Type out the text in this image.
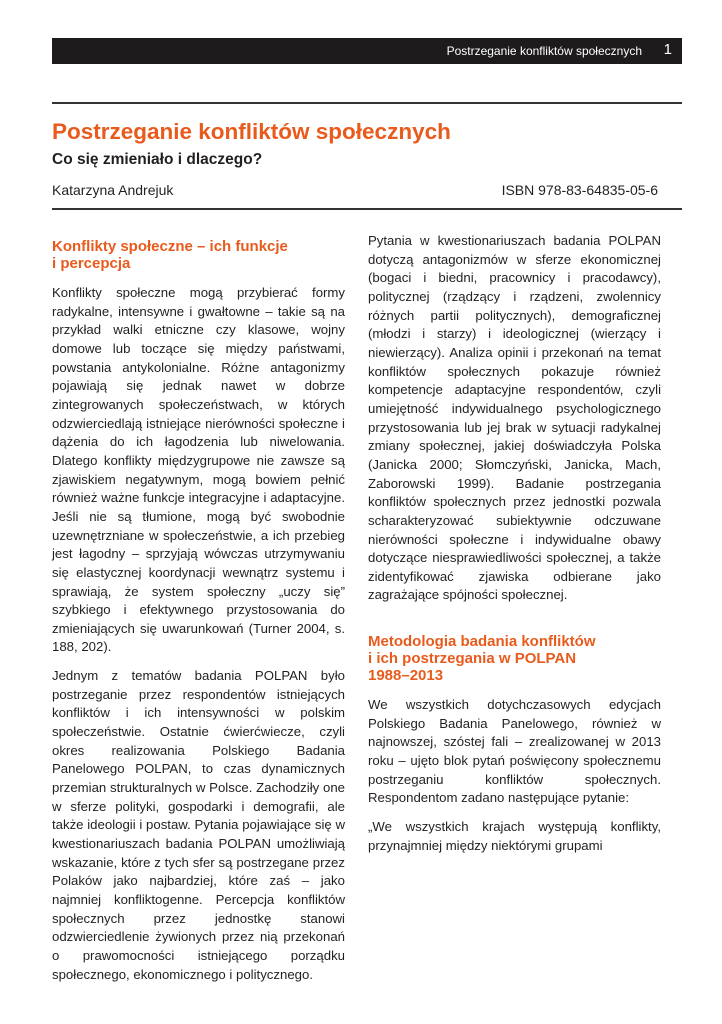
Postrzeganie konfliktów społecznych 1
Postrzeganie konfliktów społecznych
Co się zmieniało i dlaczego?
Katarzyna Andrejuk	ISBN 978-83-64835-05-6
Konflikty społeczne – ich funkcje
i percepcja

Konflikty społeczne mogą przybierać formy radykalne, intensywne i gwałtowne – takie są na przykład walki etniczne czy klasowe, wojny domowe lub toczące się między państwami, powstania antykolonialne. Różne antagonizmy pojawiają się jednak nawet w dobrze zintegrowanych społeczeństwach, w których odzwierciedlają istniejące nierówności społeczne i dążenia do ich łagodzenia lub niwelowania. Dlatego konflikty międzygrupowe nie zawsze są zjawiskiem negatywnym, mogą bowiem pełnić również ważne funkcje integracyjne i adaptacyjne. Jeśli nie są tłumione, mogą być swobodnie uzewnętrzniane w społeczeństwie, a ich przebieg jest łagodny – sprzyjają wówczas utrzymywaniu się elastycznej koordynacji wewnątrz systemu i sprawiają, że system społeczny „uczy się” szybkiego i efektywnego przystosowania do zmieniających się uwarunkowań (Turner 2004, s. 188, 202).

Jednym z tematów badania POLPAN było postrzeganie przez respondentów istniejących konfliktów i ich intensywności w polskim społeczeństwie. Ostatnie ćwierćwiecze, czyli okres realizowania Polskiego Badania Panelowego POLPAN, to czas dynamicznych przemian strukturalnych w Polsce. Zachodziły one w sferze polityki, gospodarki i demografii, ale także ideologii i postaw. Pytania pojawiające się w kwestionariuszach badania POLPAN umożliwiają wskazanie, które z tych sfer są postrzegane przez Polaków jako najbardziej, które zaś – jako najmniej konfliktogenne. Percepcja konfliktów społecznych przez jednostkę stanowi odzwierciedlenie żywionych przez nią przekonań o prawomocności istniejącego porządku społecznego, ekonomicznego i politycznego.

Pytania w kwestionariuszach badania POLPAN dotyczą antagonizmów w sferze ekonomicznej (bogaci i biedni, pracownicy i pracodawcy), politycznej (rządzący i rządzeni, zwolennicy różnych partii politycznych), demograficznej (młodzi i starzy) i ideologicznej (wierzący i niewierzący). Analiza opinii i przekonań na temat konfliktów społecznych pokazuje również kompetencje adaptacyjne respondentów, czyli umiejętność indywidualnego psychologicznego przystosowania lub jej brak w sytuacji radykalnej zmiany społecznej, jakiej doświadczyła Polska (Janicka 2000; Słomczyński, Janicka, Mach, Zaborowski 1999). Badanie postrzegania konfliktów społecznych przez jednostki pozwala scharakteryzować subiektywnie odczuwane nierówności społeczne i indywidualne obawy dotyczące niesprawiedliwości społecznej, a także zidentyfikować zjawiska odbierane jako zagrażające spójności społecznej.

Metodologia badania konfliktów
i ich postrzegania w POLPAN
1988–2013

We wszystkich dotychczasowych edycjach Polskiego Badania Panelowego, również w najnowszej, szóstej fali – zrealizowanej w 2013 roku – ujęto blok pytań poświęcony społecznemu postrzeganiu konfliktów społecznych. Respondentom zadano następujące pytanie:

„We wszystkich krajach występują konflikty, przynajmniej między niektórymi grupami
